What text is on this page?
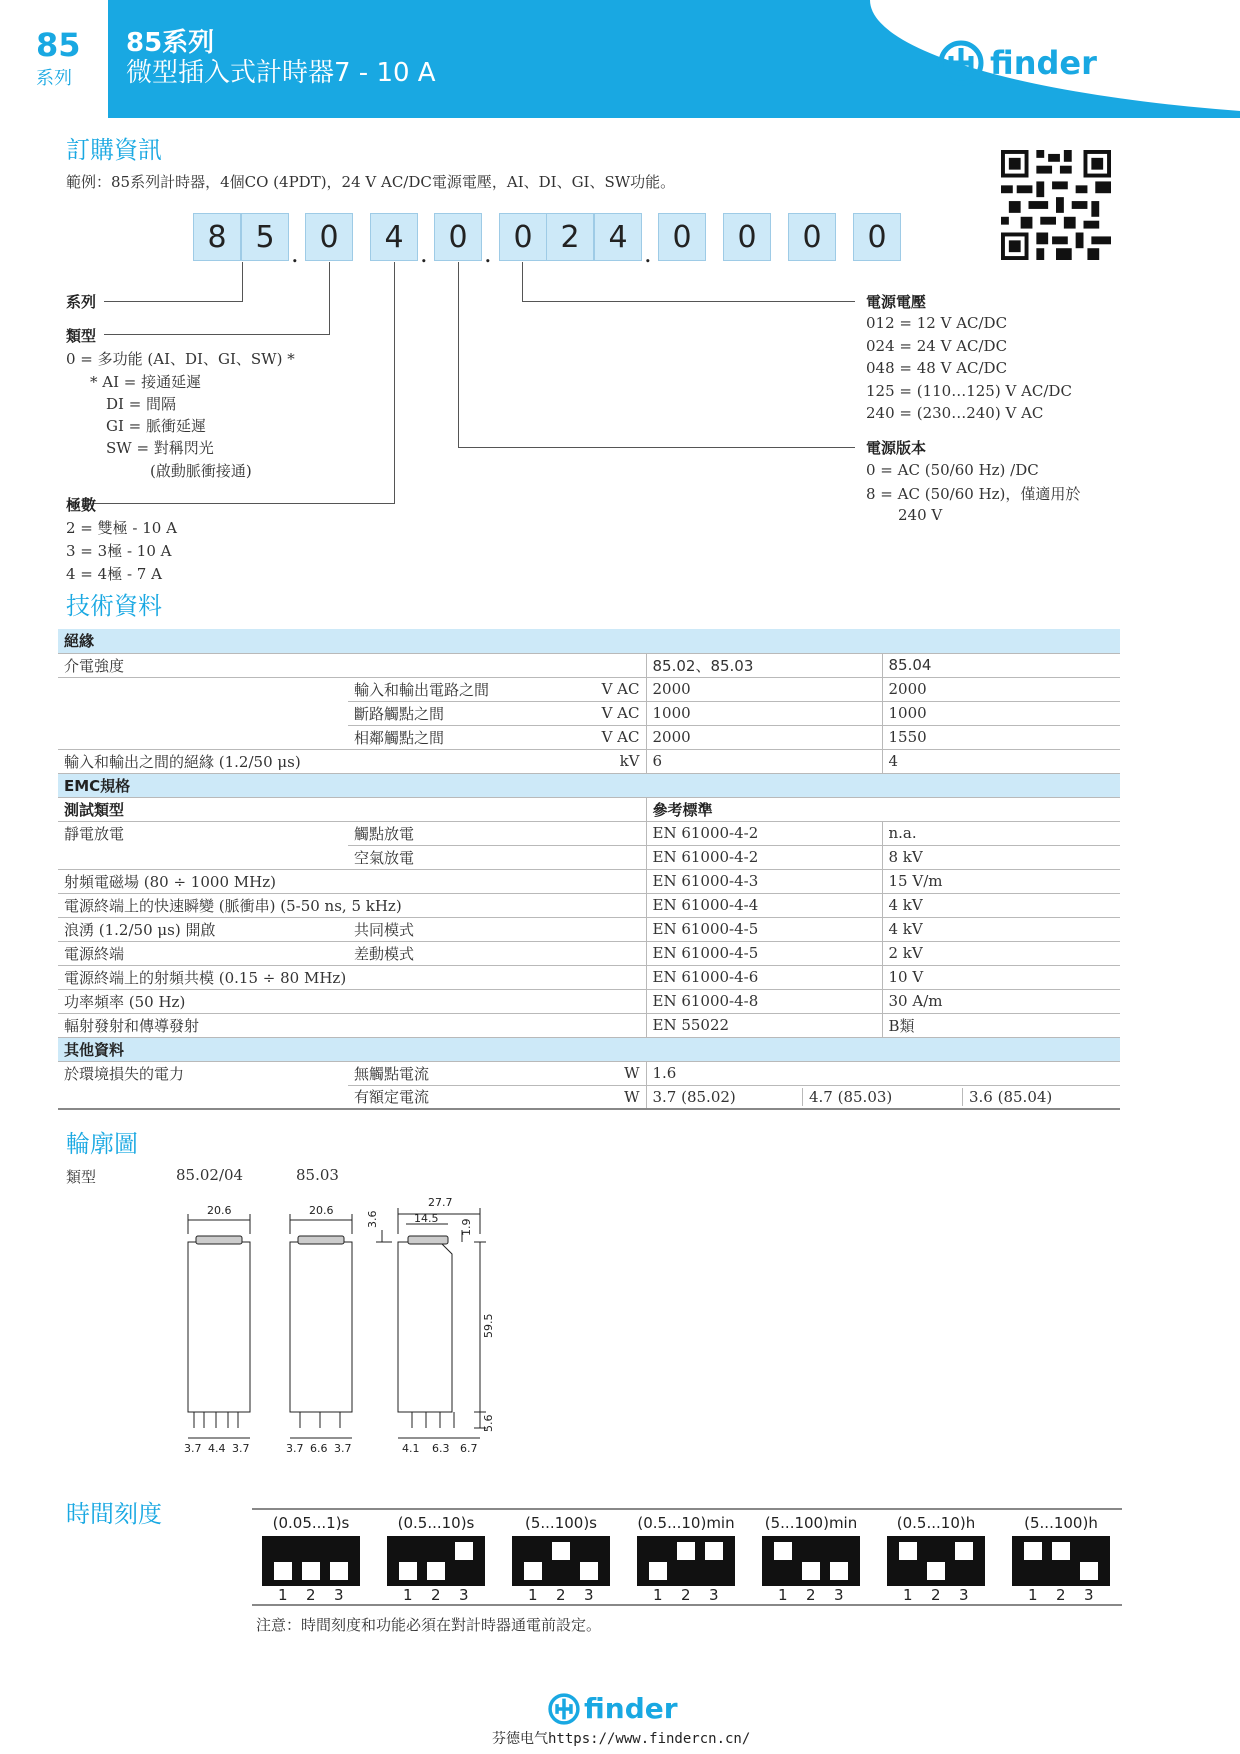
85
系列
85系列
微型插入式計時器7 - 10 A	finder
訂購資訊
範例：85系列計時器，4個CO (4PDT)，24 V AC/DC電源電壓，AI、DI、GI、SW功能。
8 5 . 0	4 . 0 . 0 2 4 . 0	0	0	0
系列
類型
0 = 多功能 (AI、DI、GI、SW) *
* AI = 接通延遲
DI = 間隔
GI = 脈衝延遲
SW = 對稱閃光
(啟動脈衝接通)
極數
2 = 雙極 - 10 A
3 = 3極 - 10 A
4 = 4極 - 7 A
電源電壓
012 = 12 V AC/DC
024 = 24 V AC/DC
048 = 48 V AC/DC
125 = (110…125) V AC/DC
240 = (230…240) V AC
電源版本
0 = AC (50/60 Hz) /DC
8 = AC (50/60 Hz)，僅適用於
240 V
技術資料
絕緣				
介電強度			85.02、85.03	85.04
	輸入和輸出電路之間	V AC	2000	2000
	斷路觸點之間	V AC	1000	1000
	相鄰觸點之間	V AC	2000	1550
輸入和輸出之間的絕緣 (1.2/50 μs)		kV	6	4
EMC規格				
測試類型			參考標準	
靜電放電	觸點放電		EN 61000-4-2	n.a.
	空氣放電		EN 61000-4-2	8 kV
射頻電磁場 (80 ÷ 1000 MHz)			EN 61000-4-3	15 V/m
電源終端上的快速瞬變 (脈衝串) (5-50 ns, 5 kHz)			EN 61000-4-4	4 kV
浪湧 (1.2/50 μs) 開啟	共同模式		EN 61000-4-5	4 kV
電源終端	差動模式		EN 61000-4-5	2 kV
電源終端上的射頻共模 (0.15 ÷ 80 MHz)			EN 61000-4-6	10 V
功率頻率 (50 Hz)			EN 61000-4-8	30 A/m
輻射發射和傳導發射			EN 55022	B類
其他資料				
於環境損失的電力	無觸點電流	W	1.6	
	有額定電流	W	3.7 (85.02)	4.7 (85.03) 3.6 (85.04)
輪廓圖
類型	85.02/04	85.03
20.6	20.6
27.7
14.5
3.6	1.9
59.5
5.6
3.7 4.4 3.7	3.7 6.6 3.7	4.1 6.3 6.7
時間刻度	(0.05...1)s
1 2 3
(0.5...10)s
1 2 3
(5...100)s
1 2 3
(0.5...10)min
1 2 3
(5...100)min
1 2 3
(0.5...10)h
1 2 3
(5...100)h
1 2 3
注意：時間刻度和功能必須在對計時器通電前設定。
finder
芬德电气https://www.findercn.cn/
